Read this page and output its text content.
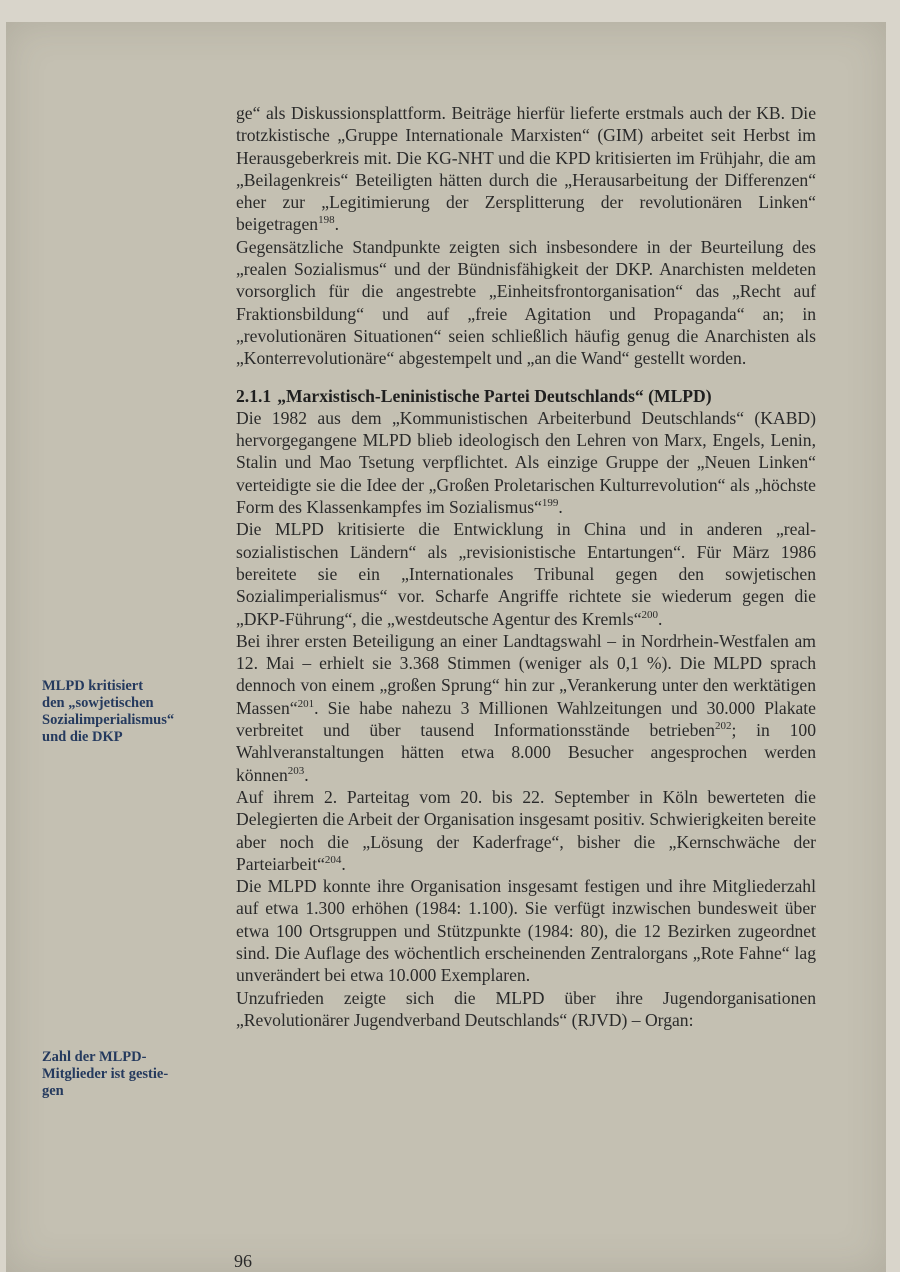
MLPD kritisiert
den „sowjetischen
Sozialimperialismus“
und die DKP
Zahl der MLPD-
Mitglieder ist gestie-
gen

ge“ als Diskussionsplattform. Beiträge hierfür lieferte erstmals auch der KB. Die trotzkistische „Gruppe Internationale Marxisten“ (GIM) arbeitet seit Herbst im Herausgeberkreis mit. Die KG-NHT und die KPD kritisierten im Frühjahr, die am „Beilagenkreis“ Beteiligten hätten durch die „Herausarbeitung der Differenzen“ eher zur „Legitimierung der Zersplitterung der revolutionären Linken“ beigetragen$^{198}$.

Gegensätzliche Standpunkte zeigten sich insbesondere in der Beurteilung des „realen Sozialismus“ und der Bündnisfähigkeit der DKP. Anarchisten meldeten vorsorglich für die angestrebte „Einheitsfrontorganisation“ das „Recht auf Fraktionsbildung“ und auf „freie Agitation und Propaganda“ an; in „revolutionären Situationen“ seien schließlich häufig genug die Anarchisten als „Konterrevolutionäre“ abgestempelt und „an die Wand“ gestellt worden.

2.1.1 „Marxistisch-Leninistische Partei Deutschlands“ (MLPD)

Die 1982 aus dem „Kommunistischen Arbeiterbund Deutschlands“ (KABD) hervorgegangene MLPD blieb ideologisch den Lehren von Marx, Engels, Lenin, Stalin und Mao Tsetung verpflichtet. Als einzige Gruppe der „Neuen Linken“ verteidigte sie die Idee der „Großen Proletarischen Kulturrevolution“ als „höchste Form des Klassenkampfes im Sozialismus“$^{199}$.

Die MLPD kritisierte die Entwicklung in China und in anderen „real-sozialistischen Ländern“ als „revisionistische Entartungen“. Für März 1986 bereitete sie ein „Internationales Tribunal gegen den sowjetischen Sozialimperialismus“ vor. Scharfe Angriffe richtete sie wiederum gegen die „DKP-Führung“, die „westdeutsche Agentur des Kremls“$^{200}$.

Bei ihrer ersten Beteiligung an einer Landtagswahl – in Nordrhein-Westfalen am 12. Mai – erhielt sie 3.368 Stimmen (weniger als 0,1 %). Die MLPD sprach dennoch von einem „großen Sprung“ hin zur „Verankerung unter den werktätigen Massen“$^{201}$. Sie habe nahezu 3 Millionen Wahlzeitungen und 30.000 Plakate verbreitet und über tausend Informationsstände betrieben$^{202}$; in 100 Wahlveranstaltungen hätten etwa 8.000 Besucher angesprochen werden können$^{203}$.

Auf ihrem 2. Parteitag vom 20. bis 22. September in Köln bewerteten die Delegierten die Arbeit der Organisation insgesamt positiv. Schwierigkeiten bereite aber noch die „Lösung der Kaderfrage“, bisher die „Kernschwäche der Parteiarbeit“$^{204}$.

Die MLPD konnte ihre Organisation insgesamt festigen und ihre Mitgliederzahl auf etwa 1.300 erhöhen (1984: 1.100). Sie verfügt inzwischen bundesweit über etwa 100 Ortsgruppen und Stützpunkte (1984: 80), die 12 Bezirken zugeordnet sind. Die Auflage des wöchentlich erscheinenden Zentralorgans „Rote Fahne“ lag unverändert bei etwa 10.000 Exemplaren.

Unzufrieden zeigte sich die MLPD über ihre Jugendorganisationen „Revolutionärer Jugendverband Deutschlands“ (RJVD) – Organ:

96
